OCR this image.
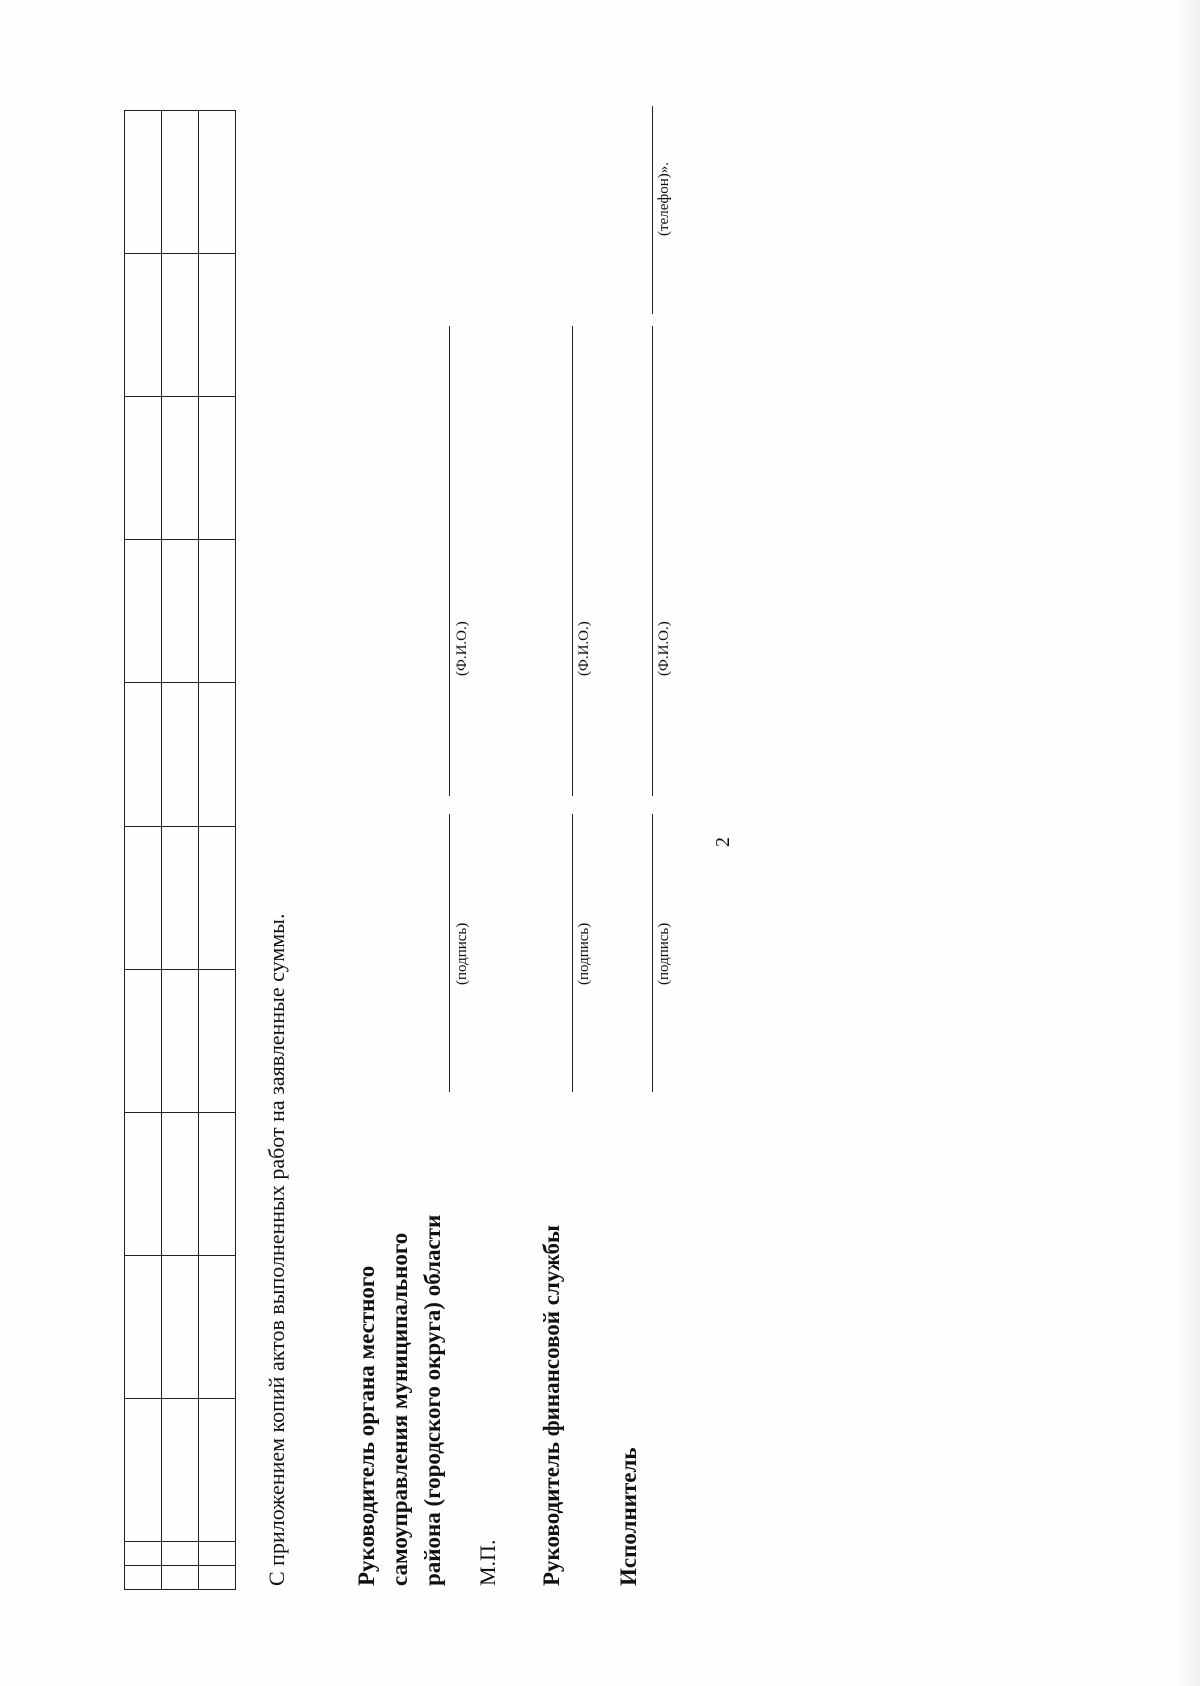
2

С приложением копий актов выполненных работ на заявленные суммы.	Руководитель органа местного самоуправления муниципального района (городского округа) области
(подпись)
(Ф.И.О.)
М.П. Руководитель финансовой службы
(подпись)
(Ф.И.О.)
Исполнитель
(подпись)
(Ф.И.О.)
(телефон)».
